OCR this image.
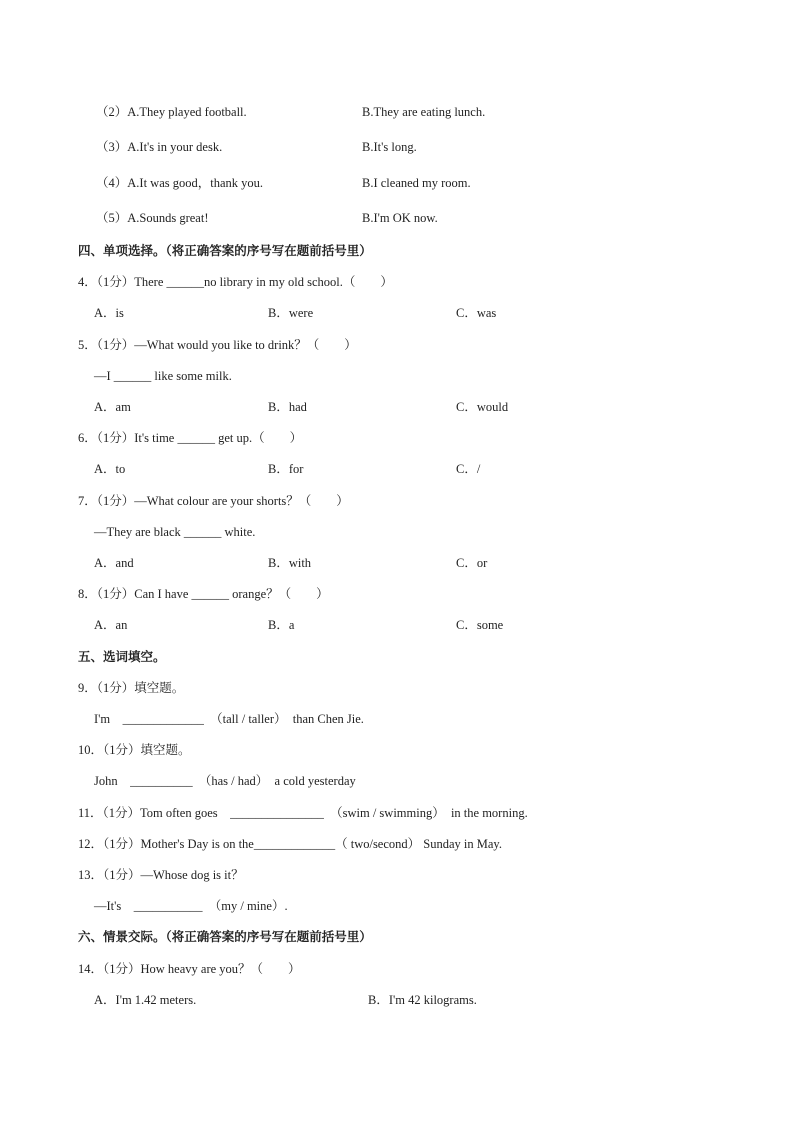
（2）A.They played football.	B.They are eating lunch.
（3）A.It's in your desk.	B.It's long.
（4）A.It was good，thank you.	B.I cleaned my room.
（5）A.Sounds great!	B.I'm OK now.
四、单项选择。（将正确答案的序号写在题前括号里）
4．（1分）There ______no library in my old school.（　　）
A．is	B．were	C．was
5．（1分）—What would you like to drink？（　　）
—I ______ like some milk.
A．am	B．had	C．would
6．（1分）It's time ______ get up.（　　）
A．to	B．for	C．/
7．（1分）—What colour are your shorts？（　　）
—They are black ______ white.
A．and	B．with	C．or
8．（1分）Can I have ______ orange？（　　）
A．an	B．a	C．some
五、选词填空。
9．（1分）填空题。
I'm　_____________　（tall / taller）　than Chen Jie.
10．（1分）填空题。
John　__________　（has / had）　a cold yesterday
11．（1分）Tom often goes　_______________　（swim / swimming）　in the morning.
12．（1分）Mother's Day is on the_____________（ two/second） Sunday in May.
13．（1分）—Whose dog is it？
—It's　___________　（my / mine）.
六、情景交际。（将正确答案的序号写在题前括号里）
14．（1分）How heavy are you？（　　）
A．I'm 1.42 meters.	B．I'm 42 kilograms.
